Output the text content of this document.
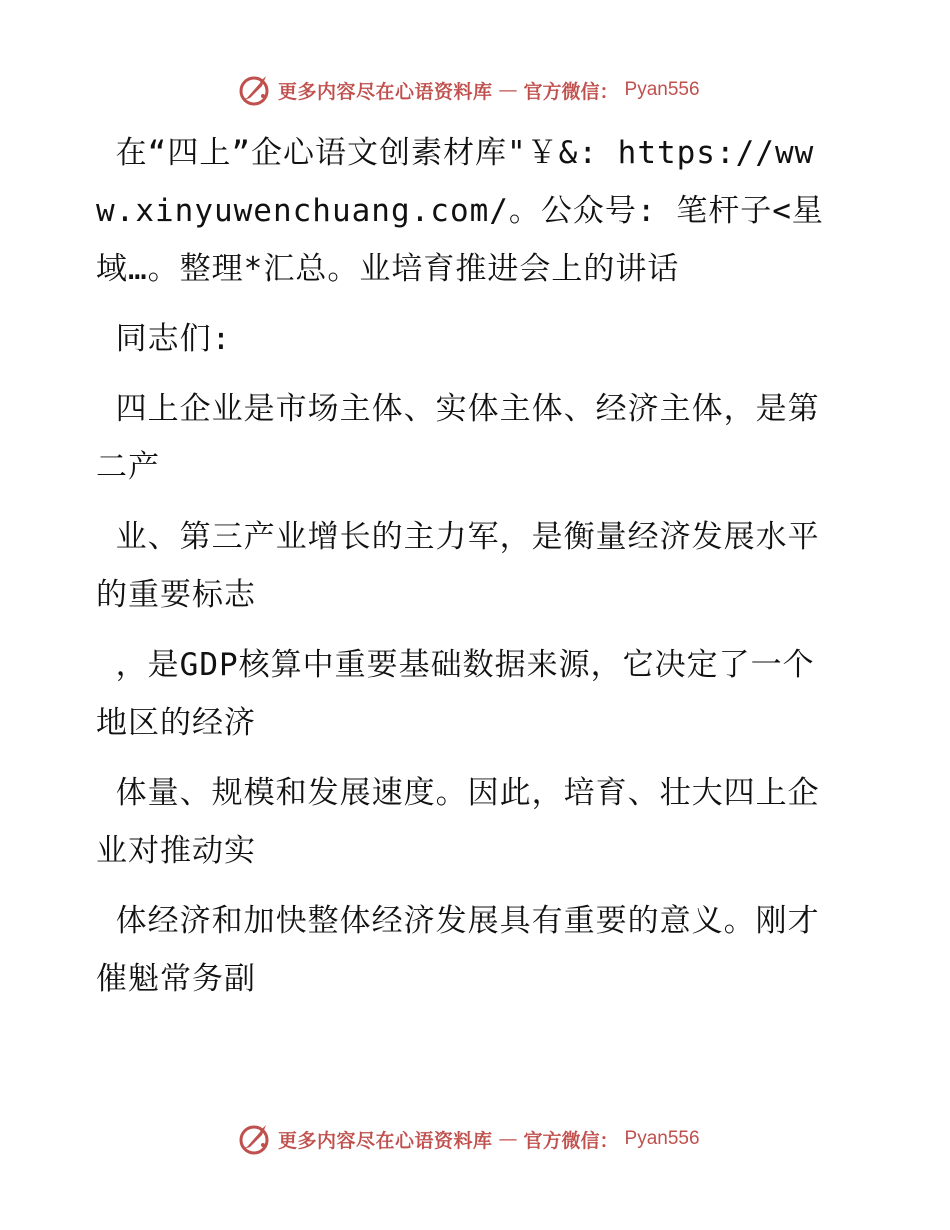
更多内容尽在心语资料库 — 官方微信： Pyan556

在“四上”企心语文创素材库"￥&: https://www.xinyuwenchuang.com/。公众号: 笔杆子<星域…。整理*汇总。业培育推进会上的讲话

同志们:

四上企业是市场主体、实体主体、经济主体，是第二产

业、第三产业增长的主力军，是衡量经济发展水平的重要标志

，是GDP核算中重要基础数据来源，它决定了一个地区的经济

体量、规模和发展速度。因此，培育、壮大四上企业对推动实

体经济和加快整体经济发展具有重要的意义。刚才催魁常务副

更多内容尽在心语资料库 — 官方微信： Pyan556
